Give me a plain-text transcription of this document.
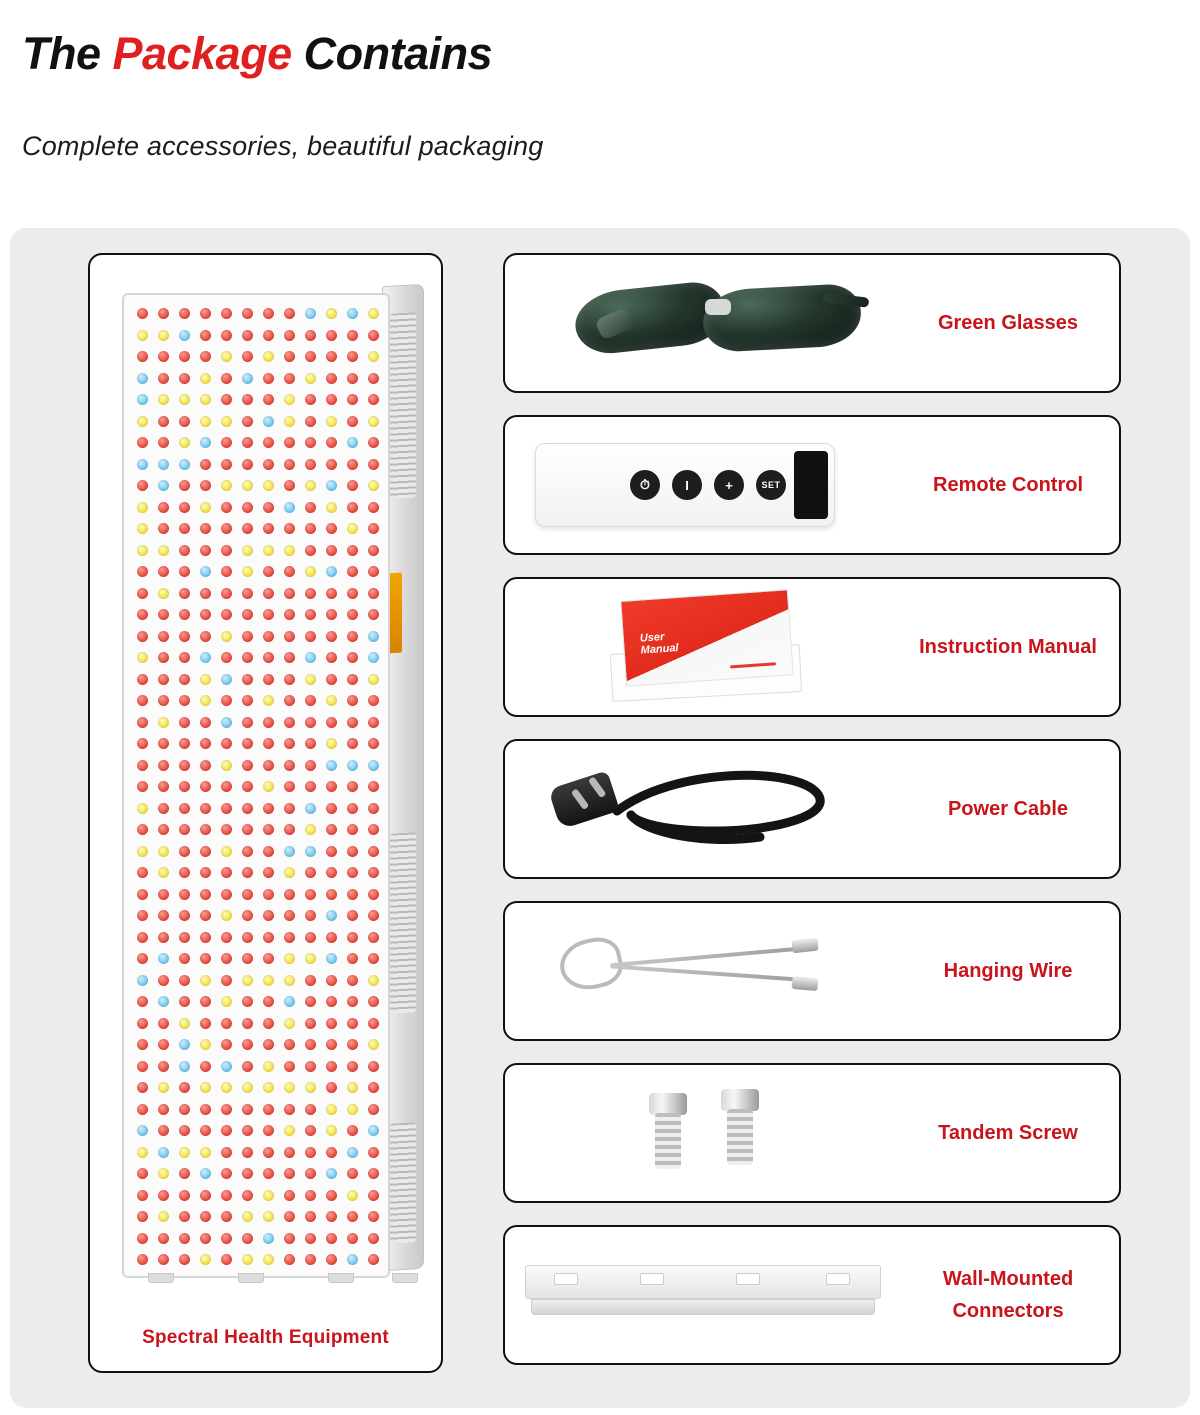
The Package Contains
Complete accessories, beautiful packaging
Spectral Health Equipment
Green Glasses
⏱	I	+	SET	Remote Control
User
Manual	Instruction Manual
Power Cable
Hanging Wire
Tandem Screw
Wall-Mounted
Connectors
